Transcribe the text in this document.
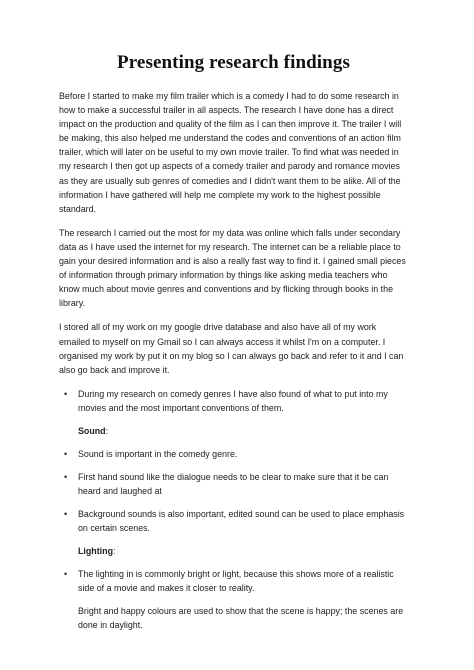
Presenting research findings

Before I started to make my film trailer which is a comedy I had to do some research in how to make a successful trailer in all aspects. The research I have done has a direct impact on the production and quality of the film as I can then improve it. The trailer I will be making, this also helped me understand the codes and conventions of an action film trailer, which will later on be useful to my own movie trailer. To find what was needed in my research I then got up aspects of a comedy trailer and parody and romance movies as they are usually sub genres of comedies and I didn't want them to be alike. All of the information I have gathered will help me complete my work to the highest possible standard.

The research I carried out the most for my data was online which falls under secondary data as I have used the internet for my research. The internet can be a reliable place to gain your desired information and is also a really fast way to find it. I gained small pieces of information through primary information by things like asking media teachers who know much about movie genres and conventions and by flicking through books in the library.

I stored all of my work on my google drive database and also have all of my work emailed to myself on my Gmail so I can always access it whilst I'm on a computer. I organised my work by put it on my blog so I can always go back and refer to it and I can also go back and improve it.

• During my research on comedy genres I have also found of what to put into my movies and the most important conventions of them.
Sound:
• Sound is important in the comedy genre.
• First hand sound like the dialogue needs to be clear to make sure that it be can heard and laughed at
• Background sounds is also important, edited sound can be used to place emphasis on certain scenes.
Lighting:
• The lighting in is commonly bright or light, because this shows more of a realistic side of a movie and makes it closer to reality.

Bright and happy colours are used to show that the scene is happy; the scenes are done in daylight.
